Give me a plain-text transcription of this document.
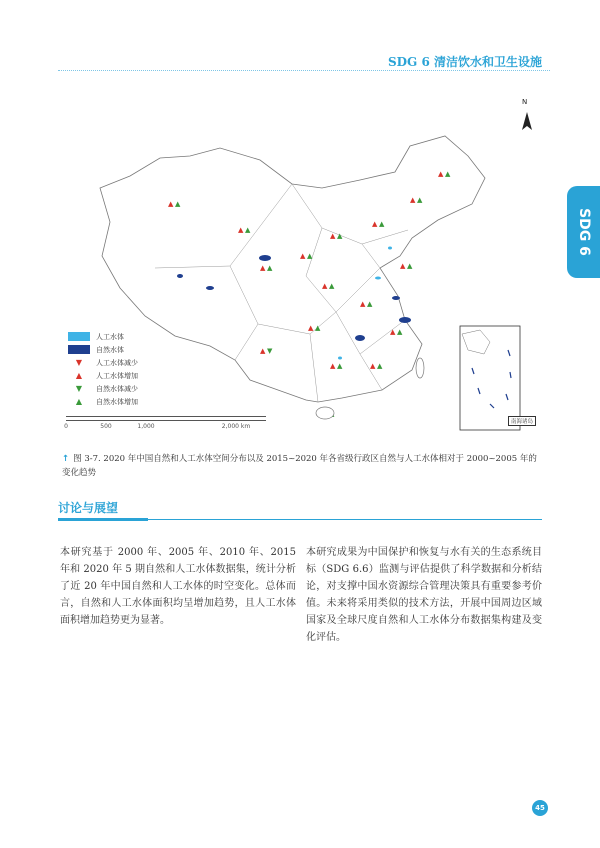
SDG 6 清洁饮水和卫生设施
SDG 6
▲ ▲
▲ ▲
▲ ▲
▲ ▲
▲ ▲
▲ ▲
▲ ▲
▲ ▲
▲ ▲
▲ ▲
▲ ▲
▲ ▲
▲ ▲	▲ ▲
▲ ▼
▲ ▲
N
人工水体
自然水体
▼	人工水体减少
▲	人工水体增加
▼	自然水体减少
▲	自然水体增加
0	500	1,000	2,000 km
南海诸岛
↑ 图 3-7. 2020 年中国自然和人工水体空间分布以及 2015~2020 年各省级行政区自然与人工水体相对于 2000~2005 年的变化趋势
讨论与展望
本研究基于 2000 年、2005 年、2010 年、2015 年和 2020 年 5 期自然和人工水体数据集，统计分析了近 20 年中国自然和人工水体的时空变化。总体而言，自然和人工水体面积均呈增加趋势，且人工水体面积增加趋势更为显著。
本研究成果为中国保护和恢复与水有关的生态系统目标（SDG 6.6）监测与评估提供了科学数据和分析结论，对支撑中国水资源综合管理决策具有重要参考价值。未来将采用类似的技术方法，开展中国周边区域国家及全球尺度自然和人工水体分布数据集构建及变化评估。
45
